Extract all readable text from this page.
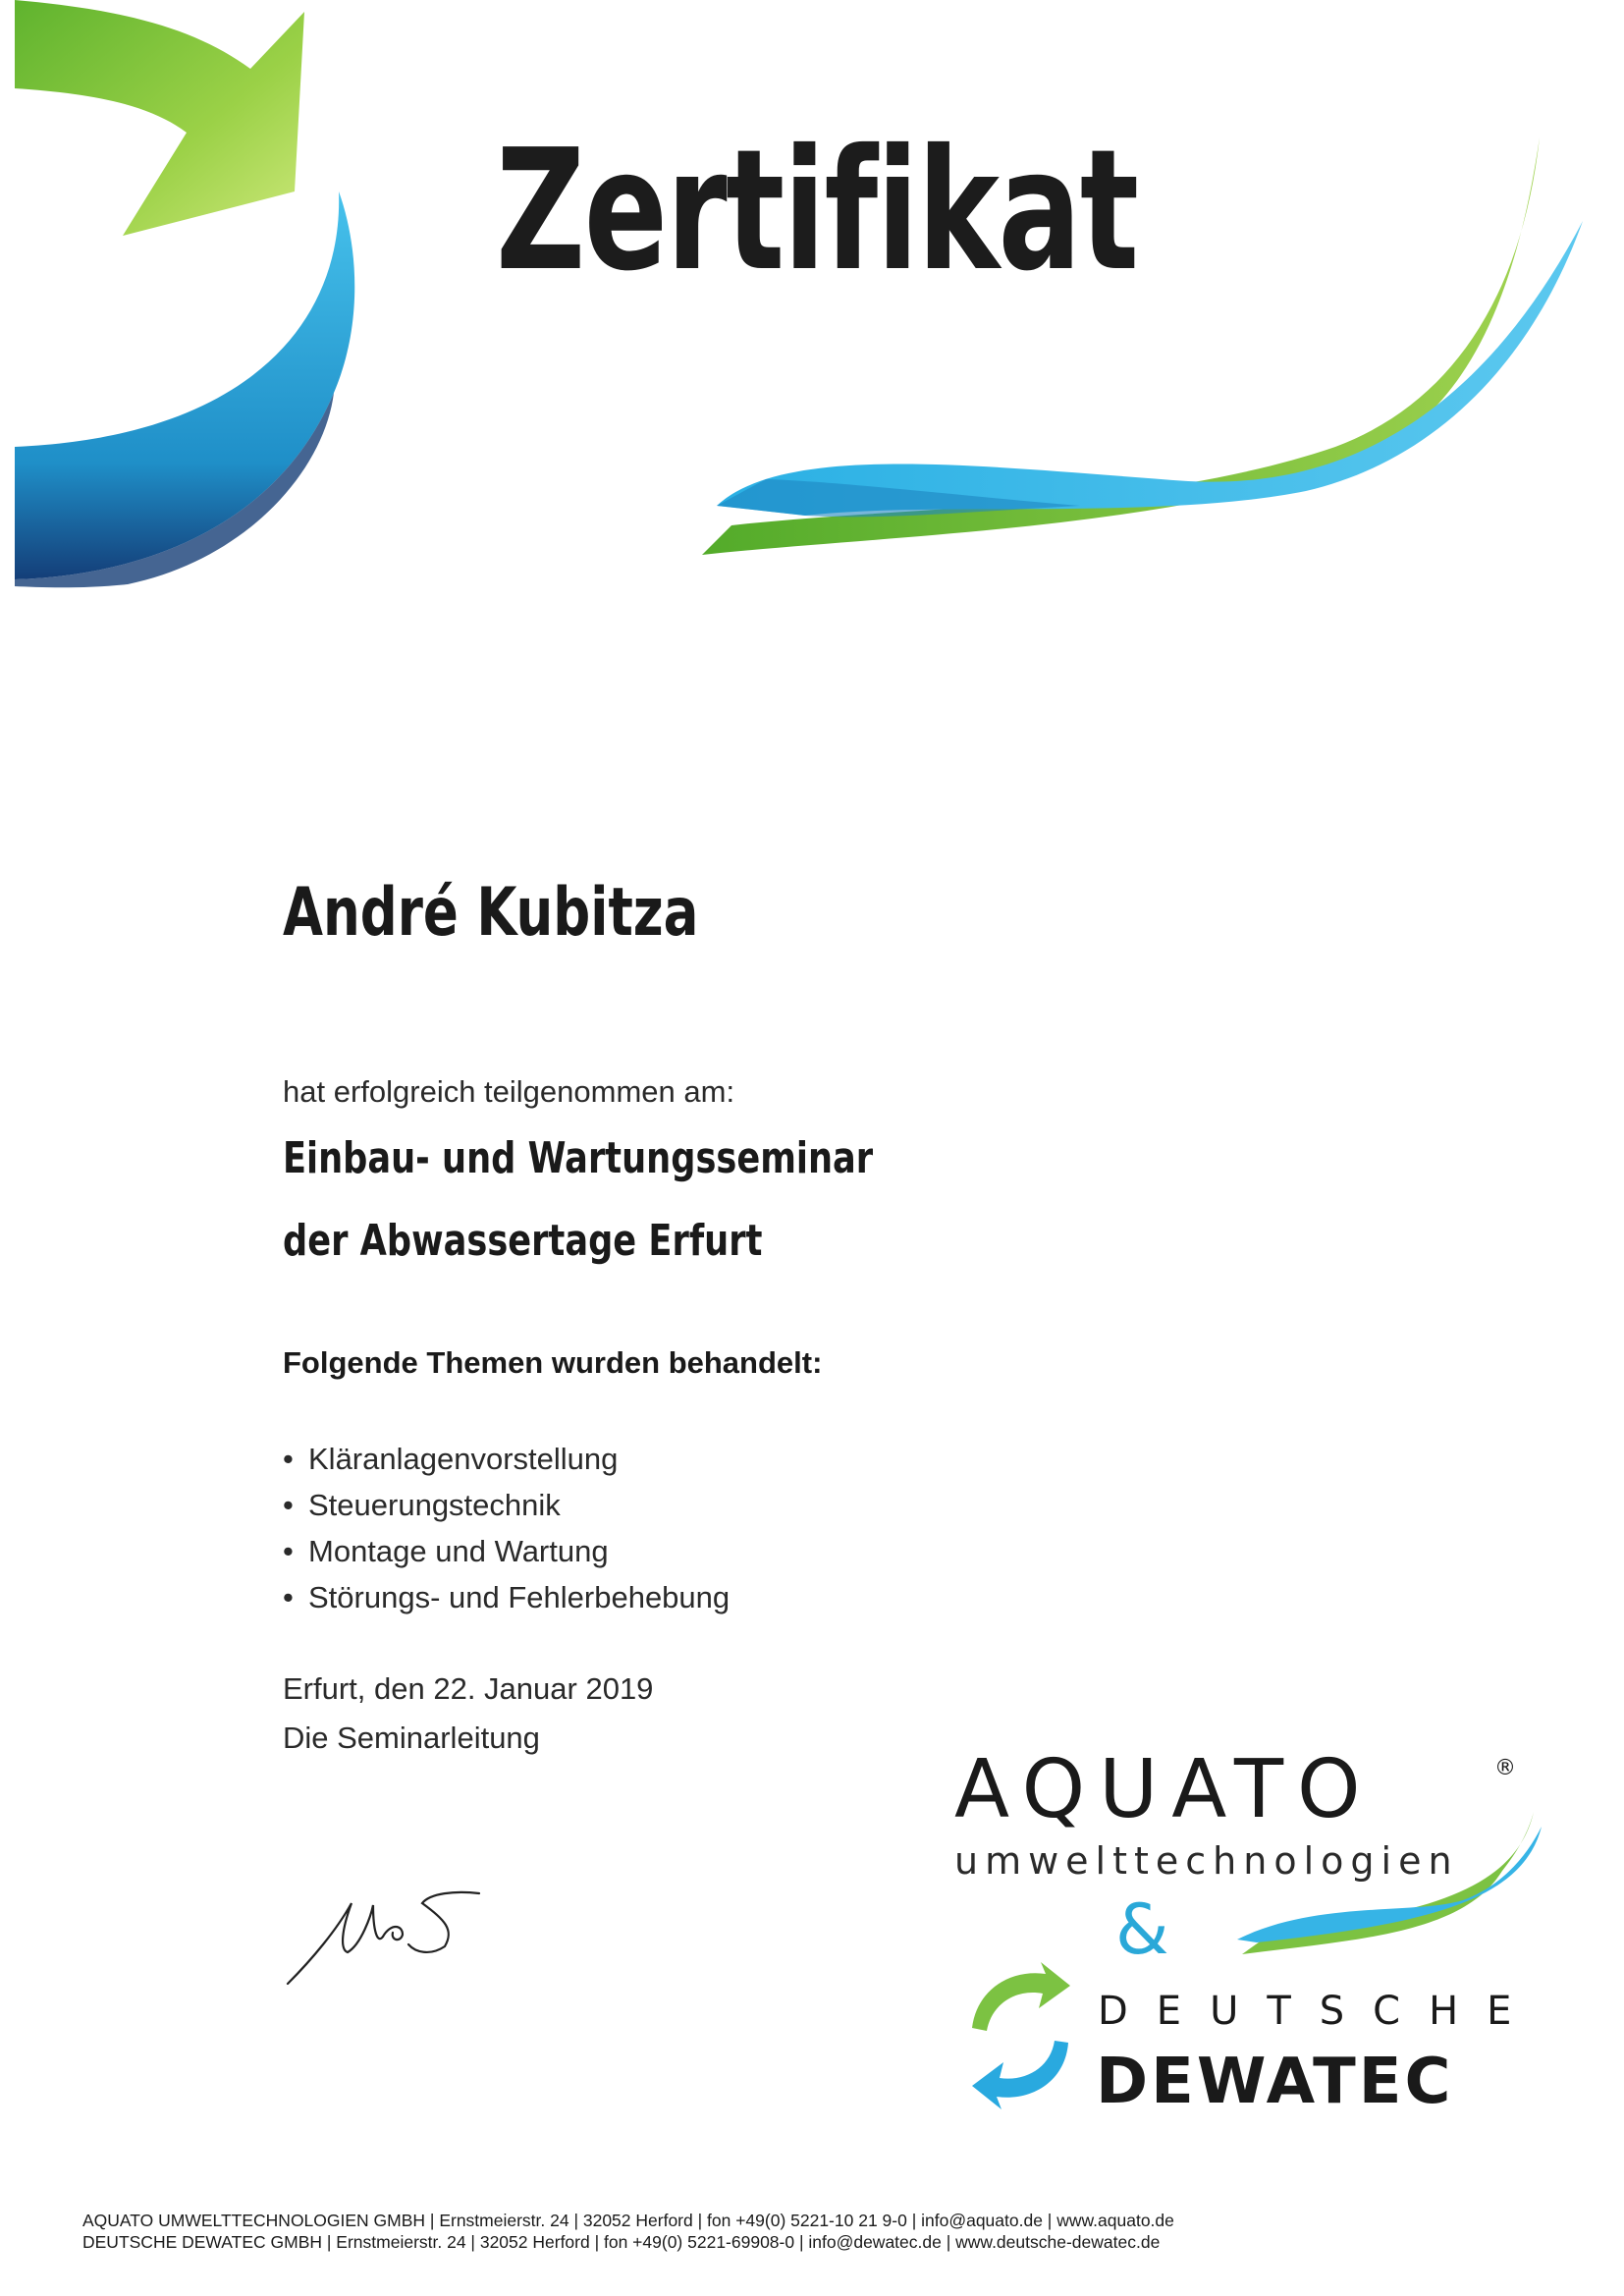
Zertifikat
André Kubitza
hat erfolgreich teilgenommen am:
Einbau- und Wartungsseminar
der Abwassertage Erfurt
Folgende Themen wurden behandelt:
• Kläranlagenvorstellung
• Steuerungstechnik
• Montage und Wartung
• Störungs- und Fehlerbehebung
Erfurt, den 22. Januar 2019
Die Seminarleitung
AQUATO	®
umwelttechnologien
&
DEUTSCHE
DEWATEC
AQUATO UMWELTTECHNOLOGIEN GMBH | Ernstmeierstr. 24 | 32052 Herford | fon +49(0) 5221-10 21 9-0 | info@aquato.de | www.aquato.de
DEUTSCHE DEWATEC GMBH | Ernstmeierstr. 24 | 32052 Herford | fon +49(0) 5221-69908-0 | info@dewatec.de | www.deutsche-dewatec.de
